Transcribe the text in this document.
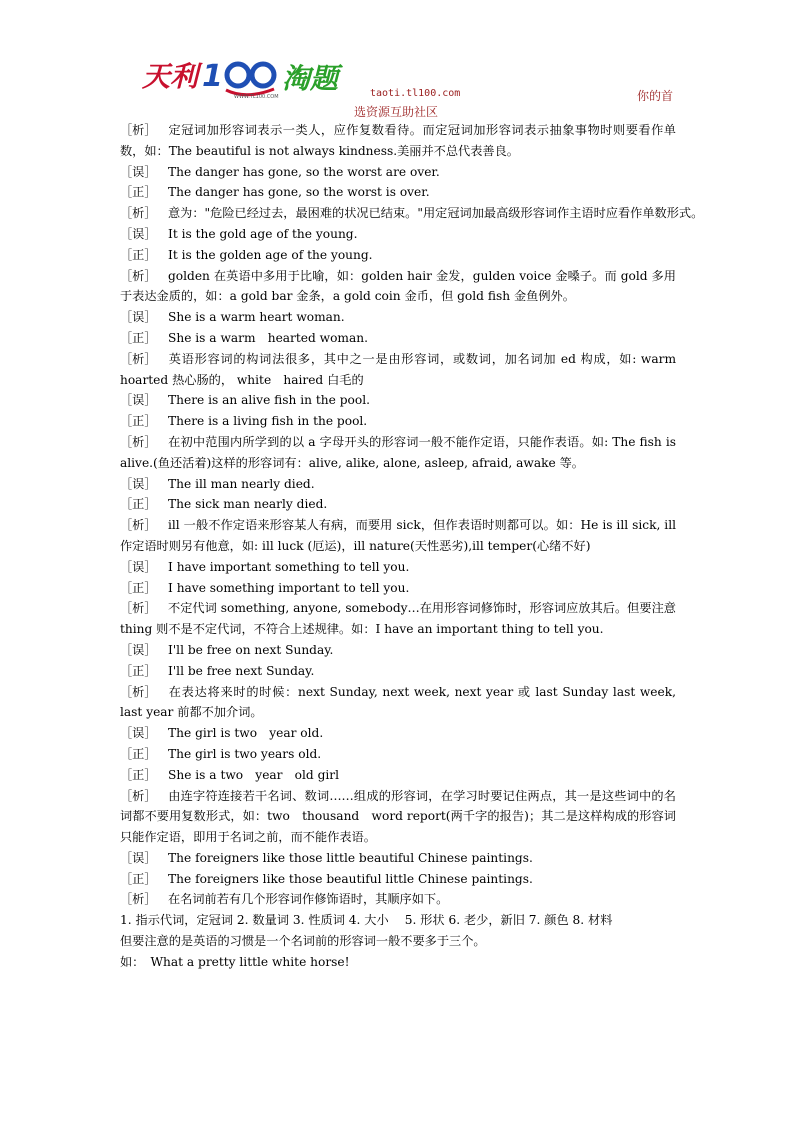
天利 1
WWW.TL100.COM
淘题	taoti.tl100.com	你的首
选资源互助社区
［析］ 定冠词加形容词表示一类人，应作复数看待。而定冠词加形容词表示抽象事物时则要看作单数，如：The beautiful is not always kindness.美丽并不总代表善良。
［误］ The danger has gone, so the worst are over.
［正］ The danger has gone, so the worst is over.
［析］ 意为："危险已经过去，最困难的状况已结束。"用定冠词加最高级形容词作主语时应看作单数形式。
［误］ It is the gold age of the young.
［正］ It is the golden age of the young.
［析］ golden 在英语中多用于比喻，如：golden hair 金发，gulden voice 金嗓子。而 gold 多用于表达金质的，如：a gold bar 金条，a gold coin 金币，但 gold fish 金鱼例外。
［误］ She is a warm heart woman.
［正］ She is a warm　hearted woman.
［析］ 英语形容词的构词法很多，其中之一是由形容词，或数词，加名词加 ed 构成，如: warm　hoarted 热心肠的， white　haired 白毛的
［误］ There is an alive fish in the pool.
［正］ There is a living fish in the pool.
［析］ 在初中范围内所学到的以 a 字母开头的形容词一般不能作定语，只能作表语。如: The fish is alive.(鱼还活着)这样的形容词有：alive, alike, alone, asleep, afraid, awake 等。
［误］ The ill man nearly died.
［正］ The sick man nearly died.
［析］ ill 一般不作定语来形容某人有病，而要用 sick，但作表语时则都可以。如：He is ill sick, ill 作定语时则另有他意，如: ill luck (厄运)，ill nature(天性恶劣),ill temper(心绪不好)
［误］ I have important something to tell you.
［正］ I have something important to tell you.
［析］ 不定代词 something, anyone, somebody…在用形容词修饰时，形容词应放其后。但要注意 thing 则不是不定代词，不符合上述规律。如：I have an important thing to tell you.
［误］ I'll be free on next Sunday.
［正］ I'll be free next Sunday.
［析］ 在表达将来时的时候：next Sunday, next week, next year 或 last Sunday last week, last year 前都不加介词。
［误］ The girl is two　year old.
［正］ The girl is two years old.
［正］ She is a two　year　old girl
［析］ 由连字符连接若干名词、数词……组成的形容词，在学习时要记住两点，其一是这些词中的名词都不要用复数形式，如：two　thousand　word report(两千字的报告)；其二是这样构成的形容词只能作定语，即用于名词之前，而不能作表语。
［误］ The foreigners like those little beautiful Chinese paintings.
［正］ The foreigners like those beautiful little Chinese paintings.
［析］ 在名词前若有几个形容词作修饰语时，其顺序如下。
1. 指示代词，定冠词 2. 数量词 3. 性质词 4. 大小　 5. 形状 6. 老少，新旧 7. 颜色 8. 材料
但要注意的是英语的习惯是一个名词前的形容词一般不要多于三个。
如：　What a pretty little white horse!
